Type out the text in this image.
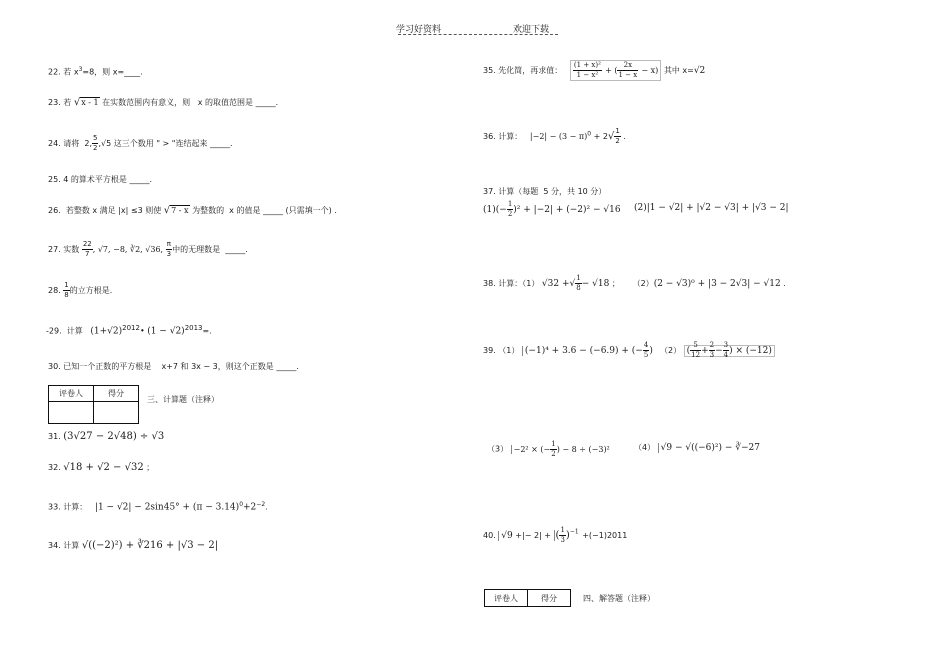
学习好资料	欢迎下载
22. 若 $x^3=8$，则 x=____.
23. 若 √x - 1 在实数范围内有意义，则 x 的取值范围是 _____.
24. 请将 2, $\frac{5}{2} ,√5$ 这三个数用 " > "连结起来 _____.
25. 4 的算术平方根是 _____.
26. 若整数 x 满足 |x| ≤3 则使 √7 - x 为整数的 x 的值是 _____ (只需填一个) .
27. 实数 $\frac{22}{7}$ , √7, −8, ∛2, √36, $\frac{\pi}{3}$ 中的无理数是 _____.
28. $\frac{1}{8}$ 的立方根是.
-29. 计算 $(1+√2)^{2012}•$ $(1 - √2)^{2013}=$.
30. 已知一个正数的平方根是 x+7 和 3x − 3，则这个正数是 _____.
评卷人	得分

三、计算题（注释）
31. (3√27 − 2√48) ÷ √3
32. √18 + √2 − √32 ；
33. 计算： $|1 - √2| - 2\sin 45^\circ + (\pi - 3.14)^0+2^{-2}$.
34. 计算 √((−2)²) + ∛216 + |√3 − 2|
35. 先化简，再求值： $\frac{\text{(1 + x)²}}{\text{1 − x²}}$ + ( $\frac{2x}{1 - x} - x$) 其中 x=√2
36. 计算： $|-2| - (3 - \pi)^0 + 2√ \frac{1}{2}$ .
37. 计算（每题 5 分，共 10 分）
$(1)(- \frac{1}{2} )^2 + |-2| + (-2)^2 - √16$ (2)|1 − √2| + |√2 − √3| + |√3 − 2|
38. 计算：（1） √32 +√ $\frac{1}{8} - √18$ ； （2）(2 − √3)⁰ + |3 − 2√3| − √12 .
39. （1） (−1)⁴ + 3.6 − (−6.9) + (− $\frac{4}{5}$ ) （2） ( $\frac{5}{12} + \frac{2}{3} - \frac{3}{4}$ ) × (−12)
（3） −2² × (− $\frac{1}{2}$ ) − 8 ÷ (−3)²	（4） √9 − √((−6)²) − ∛−27
40. √9 +|− 2| + ( $\frac{1}{3} )^{-1} +(-1)2011$
评卷人	得分	四、解答题（注释）
